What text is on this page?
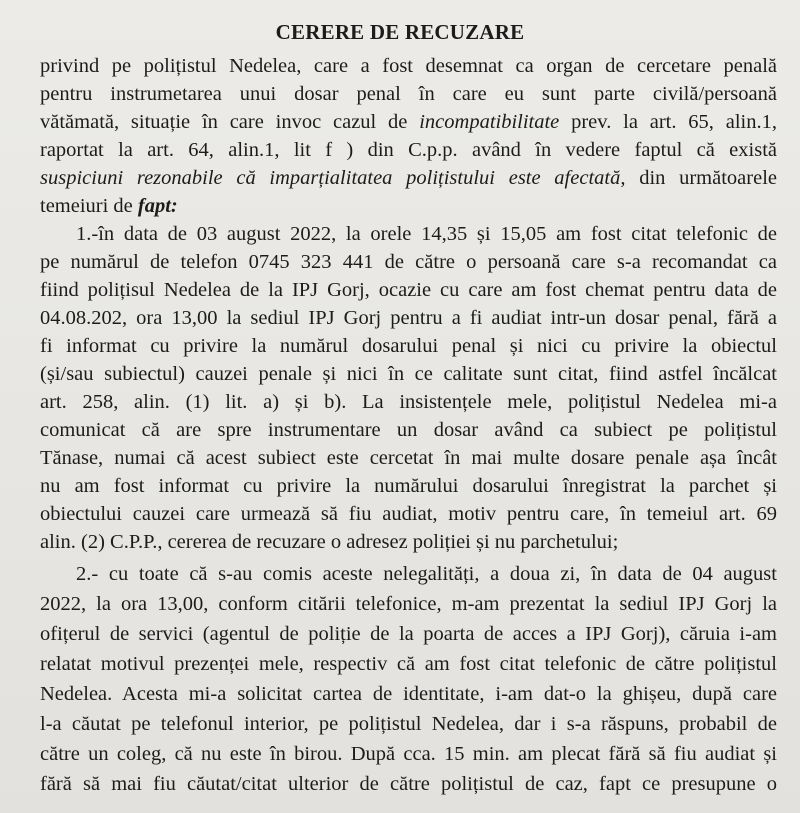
CERERE DE RECUZARE
privind pe polițistul Nedelea, care a fost desemnat ca organ de cercetare penală
pentru instrumetarea unui dosar penal în care eu sunt parte civilă/persoană
vătămată, situație în care invoc cazul de incompatibilitate prev. la art. 65, alin.1,
raportat la art. 64, alin.1, lit f ) din C.p.p. având în vedere faptul că există
suspiciuni rezonabile că imparțialitatea polițistului este afectată, din următoarele
temeiuri de fapt:
1.-în data de 03 august 2022, la orele 14,35 și 15,05 am fost citat telefonic de
pe numărul de telefon 0745 323 441 de către o persoană care s-a recomandat ca
fiind polițisul Nedelea de la IPJ Gorj, ocazie cu care am fost chemat pentru data de
04.08.202, ora 13,00 la sediul IPJ Gorj pentru a fi audiat intr-un dosar penal, fără a
fi informat cu privire la numărul dosarului penal și nici cu privire la obiectul
(și/sau subiectul) cauzei penale și nici în ce calitate sunt citat, fiind astfel încălcat
art. 258, alin. (1) lit. a) și b). La insistențele mele, polițistul Nedelea mi-a
comunicat că are spre instrumentare un dosar având ca subiect pe polițistul
Tănase, numai că acest subiect este cercetat în mai multe dosare penale așa încât
nu am fost informat cu privire la numărului dosarului înregistrat la parchet și
obiectului cauzei care urmează să fiu audiat, motiv pentru care, în temeiul art. 69
alin. (2) C.P.P., cererea de recuzare o adresez poliției și nu parchetului;
2.- cu toate că s-au comis aceste nelegalități, a doua zi, în data de 04 august
2022, la ora 13,00, conform citării telefonice, m-am prezentat la sediul IPJ Gorj la
ofițerul de servici (agentul de poliție de la poarta de acces a IPJ Gorj), căruia i-am
relatat motivul prezenței mele, respectiv că am fost citat telefonic de către polițistul
Nedelea. Acesta mi-a solicitat cartea de identitate, i-am dat-o la ghișeu, după care
l-a căutat pe telefonul interior, pe polițistul Nedelea, dar i s-a răspuns, probabil de
către un coleg, că nu este în birou. După cca. 15 min. am plecat fără să fiu audiat și
fără să mai fiu căutat/citat ulterior de către polițistul de caz, fapt ce presupune o
